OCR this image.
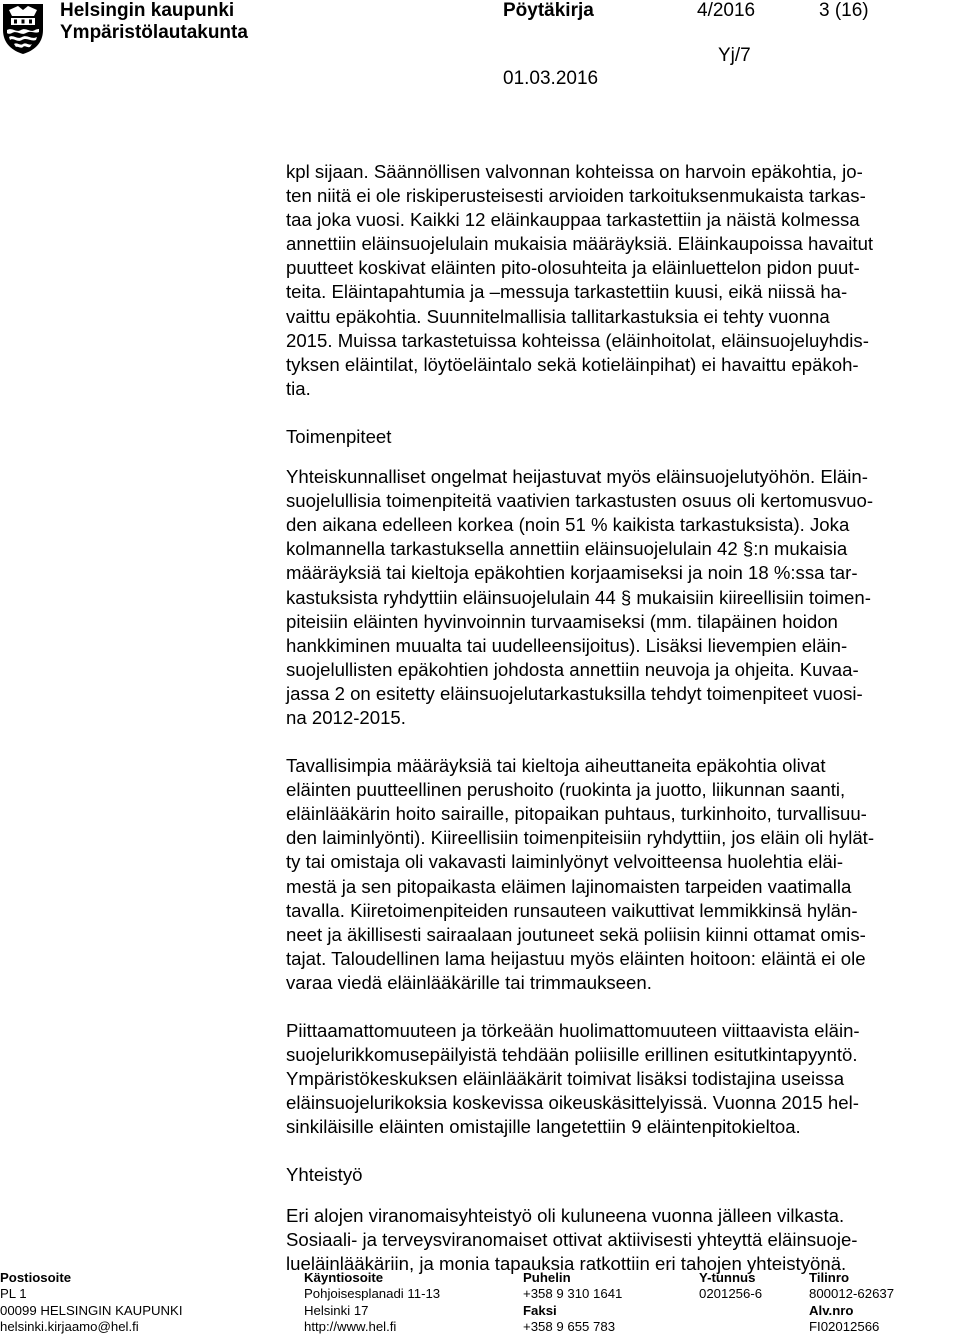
Helsingin kaupunki
Ympäristölautakunta
Pöytäkirja	4/2016	3 (16)
Yj/7
01.03.2016

kpl sijaan. Säännöllisen valvonnan kohteissa on harvoin epäkohtia, jo-
ten niitä ei ole riskiperusteisesti arvioiden tarkoituksenmukaista tarkas-
taa joka vuosi. Kaikki 12 eläinkauppaa tarkastettiin ja näistä kolmessa
annettiin eläinsuojelulain mukaisia määräyksiä. Eläinkaupoissa havaitut
puutteet koskivat eläinten pito-olosuhteita ja eläinluettelon pidon puut-
teita. Eläintapahtumia ja –messuja tarkastettiin kuusi, eikä niissä ha-
vaittu epäkohtia. Suunnitelmallisia tallitarkastuksia ei tehty vuonna
2015. Muissa tarkastetuissa kohteissa (eläinhoitolat, eläinsuojeluyhdis-
tyksen eläintilat, löytöeläintalo sekä kotieläinpihat) ei havaittu epäkoh-
tia.

Toimenpiteet

Yhteiskunnalliset ongelmat heijastuvat myös eläinsuojelutyöhön. Eläin-
suojelullisia toimenpiteitä vaativien tarkastusten osuus oli kertomusvuo-
den aikana edelleen korkea (noin 51 % kaikista tarkastuksista). Joka
kolmannella tarkastuksella annettiin eläinsuojelulain 42 §:n mukaisia
määräyksiä tai kieltoja epäkohtien korjaamiseksi ja noin 18 %:ssa tar-
kastuksista ryhdyttiin eläinsuojelulain 44 § mukaisiin kiireellisiin toimen-
piteisiin eläinten hyvinvoinnin turvaamiseksi (mm. tilapäinen hoidon
hankkiminen muualta tai uudelleensijoitus). Lisäksi lievempien eläin-
suojelullisten epäkohtien johdosta annettiin neuvoja ja ohjeita. Kuvaa-
jassa 2 on esitetty eläinsuojelutarkastuksilla tehdyt toimenpiteet vuosi-
na 2012-2015.

Tavallisimpia määräyksiä tai kieltoja aiheuttaneita epäkohtia olivat
eläinten puutteellinen perushoito (ruokinta ja juotto, liikunnan saanti,
eläinlääkärin hoito sairaille, pitopaikan puhtaus, turkinhoito, turvallisuu-
den laiminlyönti). Kiireellisiin toimenpiteisiin ryhdyttiin, jos eläin oli hylät-
ty tai omistaja oli vakavasti laiminlyönyt velvoitteensa huolehtia eläi-
mestä ja sen pitopaikasta eläimen lajinomaisten tarpeiden vaatimalla
tavalla. Kiiretoimenpiteiden runsauteen vaikuttivat lemmikkinsä hylän-
neet ja äkillisesti sairaalaan joutuneet sekä poliisin kiinni ottamat omis-
tajat. Taloudellinen lama heijastuu myös eläinten hoitoon: eläintä ei ole
varaa viedä eläinlääkärille tai trimmaukseen.

Piittaamattomuuteen ja törkeään huolimattomuuteen viittaavista eläin-
suojelurikkomusepäilyistä tehdään poliisille erillinen esitutkintapyyntö.
Ympäristökeskuksen eläinlääkärit toimivat lisäksi todistajina useissa
eläinsuojelurikoksia koskevissa oikeuskäsittelyissä. Vuonna 2015 hel-
sinkiläisille eläinten omistajille langetettiin 9 eläintenpitokieltoa.

Yhteistyö

Eri alojen viranomaisyhteistyö oli kuluneena vuonna jälleen vilkasta.
Sosiaali- ja terveysviranomaiset ottivat aktiivisesti yhteyttä eläinsuoje-
lueläinlääkäriin, ja monia tapauksia ratkottiin eri tahojen yhteistyönä.

Postiosoite
PL 1
00099 HELSINGIN KAUPUNKI
helsinki.kirjaamo@hel.fi
Käyntiosoite
Pohjoisesplanadi 11-13
Helsinki 17
http://www.hel.fi
Puhelin
+358 9 310 1641
Faksi
+358 9 655 783
Y-tunnus
0201256-6
Tilinro
800012-62637
Alv.nro
FI02012566
